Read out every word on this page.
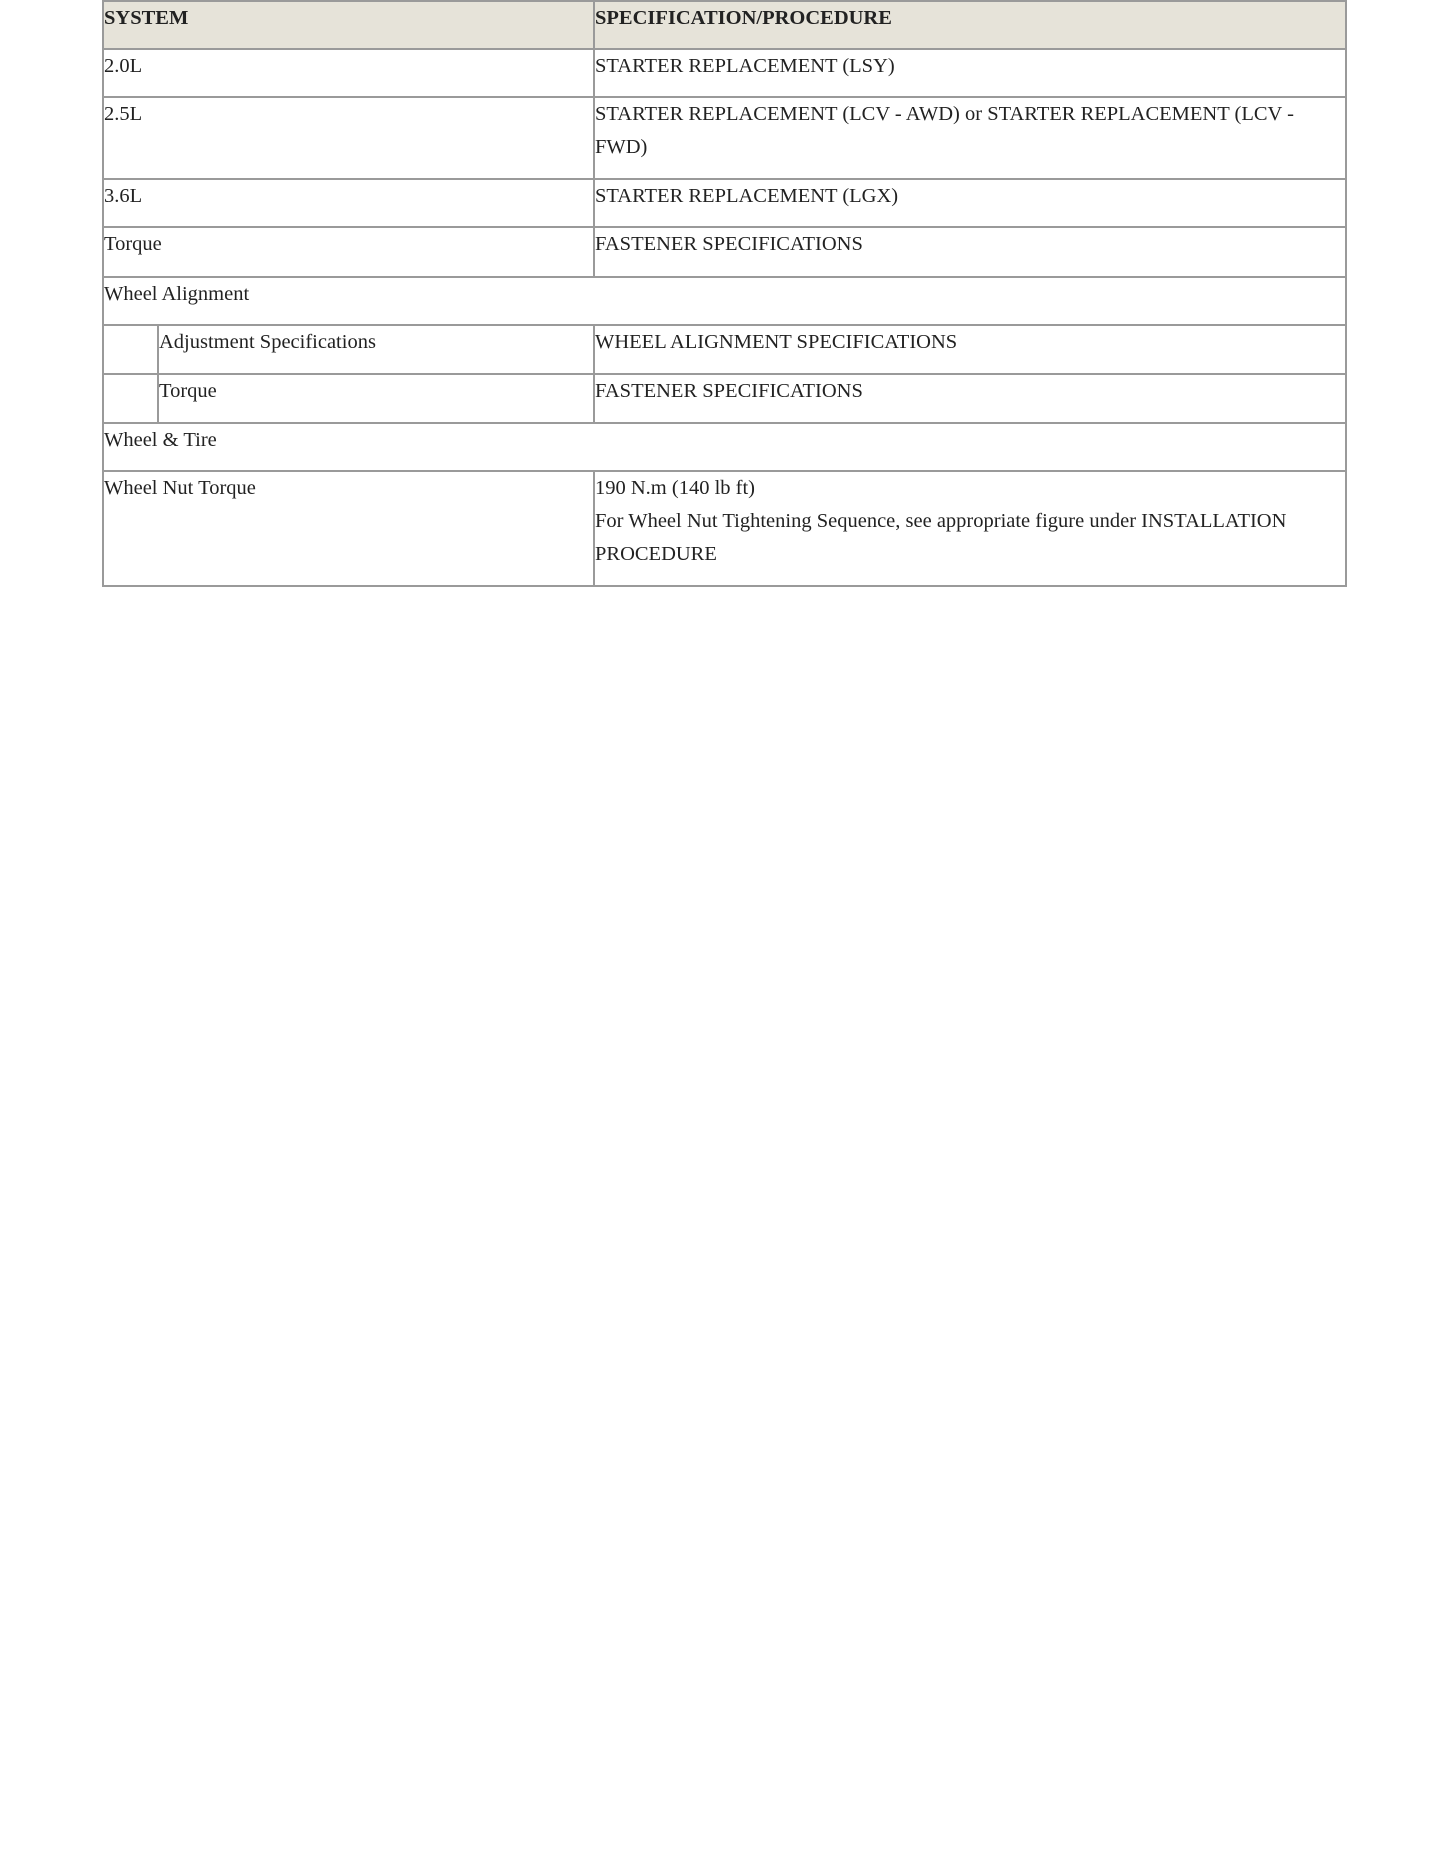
SYSTEM		SPECIFICATION/PROCEDURE
2.0L		STARTER REPLACEMENT (LSY)
2.5L		STARTER REPLACEMENT (LCV - AWD) or STARTER REPLACEMENT (LCV - FWD)
3.6L		STARTER REPLACEMENT (LGX)
Torque		FASTENER SPECIFICATIONS
Wheel Alignment		
	Adjustment Specifications	WHEEL ALIGNMENT SPECIFICATIONS
	Torque	FASTENER SPECIFICATIONS
Wheel & Tire		
Wheel Nut Torque		190 N.m (140 lb ft)
For Wheel Nut Tightening Sequence, see appropriate figure under INSTALLATION PROCEDURE
